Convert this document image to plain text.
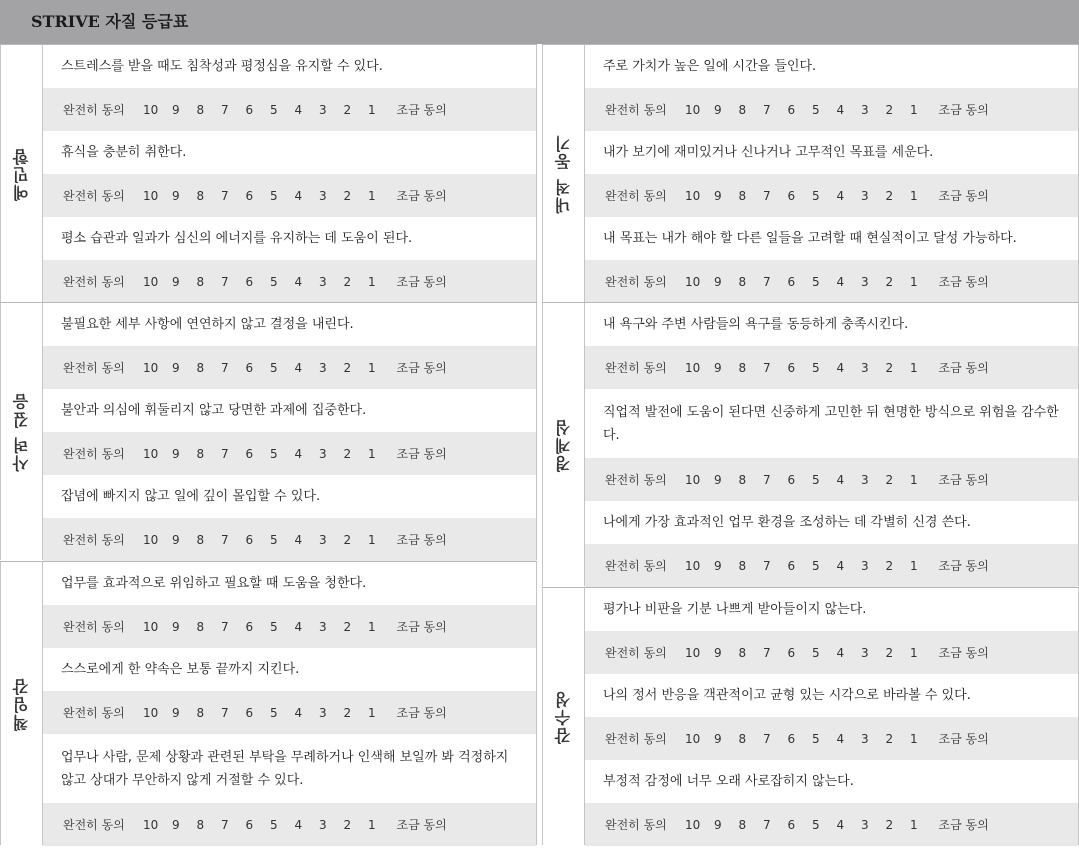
STRIVE 자질 등급표
예민함
스트레스를 받을 때도 침착성과 평정심을 유지할 수 있다.
완전히 동의	10	9	8	7	6	5	4	3	2	1	조금 동의
휴식을 충분히 취한다.
완전히 동의	10	9	8	7	6	5	4	3	2	1	조금 동의
평소 습관과 일과가 심신의 에너지를 유지하는 데 도움이 된다.
완전히 동의	10	9	8	7	6	5	4	3	2	1	조금 동의
사려 깊음
불필요한 세부 사항에 연연하지 않고 결정을 내린다.
완전히 동의	10	9	8	7	6	5	4	3	2	1	조금 동의
불안과 의심에 휘둘리지 않고 당면한 과제에 집중한다.
완전히 동의	10	9	8	7	6	5	4	3	2	1	조금 동의
잡념에 빠지지 않고 일에 깊이 몰입할 수 있다.
완전히 동의	10	9	8	7	6	5	4	3	2	1	조금 동의
책임감
업무를 효과적으로 위임하고 필요할 때 도움을 청한다.
완전히 동의	10	9	8	7	6	5	4	3	2	1	조금 동의
스스로에게 한 약속은 보통 끝까지 지킨다.
완전히 동의	10	9	8	7	6	5	4	3	2	1	조금 동의
업무나 사람, 문제 상황과 관련된 부탁을 무례하거나 인색해 보일까 봐 걱정하지 않고 상대가 무안하지 않게 거절할 수 있다.
완전히 동의	10	9	8	7	6	5	4	3	2	1	조금 동의
내적 동기
주로 가치가 높은 일에 시간을 들인다.
완전히 동의	10	9	8	7	6	5	4	3	2	1	조금 동의
내가 보기에 재미있거나 신나거나 고무적인 목표를 세운다.
완전히 동의	10	9	8	7	6	5	4	3	2	1	조금 동의
내 목표는 내가 해야 할 다른 일들을 고려할 때 현실적이고 달성 가능하다.
완전히 동의	10	9	8	7	6	5	4	3	2	1	조금 동의
경계심
내 욕구와 주변 사람들의 욕구를 동등하게 충족시킨다.
완전히 동의	10	9	8	7	6	5	4	3	2	1	조금 동의
직업적 발전에 도움이 된다면 신중하게 고민한 뒤 현명한 방식으로 위험을 감수한다.
완전히 동의	10	9	8	7	6	5	4	3	2	1	조금 동의
나에게 가장 효과적인 업무 환경을 조성하는 데 각별히 신경 쓴다.
완전히 동의	10	9	8	7	6	5	4	3	2	1	조금 동의
감수성
평가나 비판을 기분 나쁘게 받아들이지 않는다.
완전히 동의	10	9	8	7	6	5	4	3	2	1	조금 동의
나의 정서 반응을 객관적이고 균형 있는 시각으로 바라볼 수 있다.
완전히 동의	10	9	8	7	6	5	4	3	2	1	조금 동의
부정적 감정에 너무 오래 사로잡히지 않는다.
완전히 동의	10	9	8	7	6	5	4	3	2	1	조금 동의
